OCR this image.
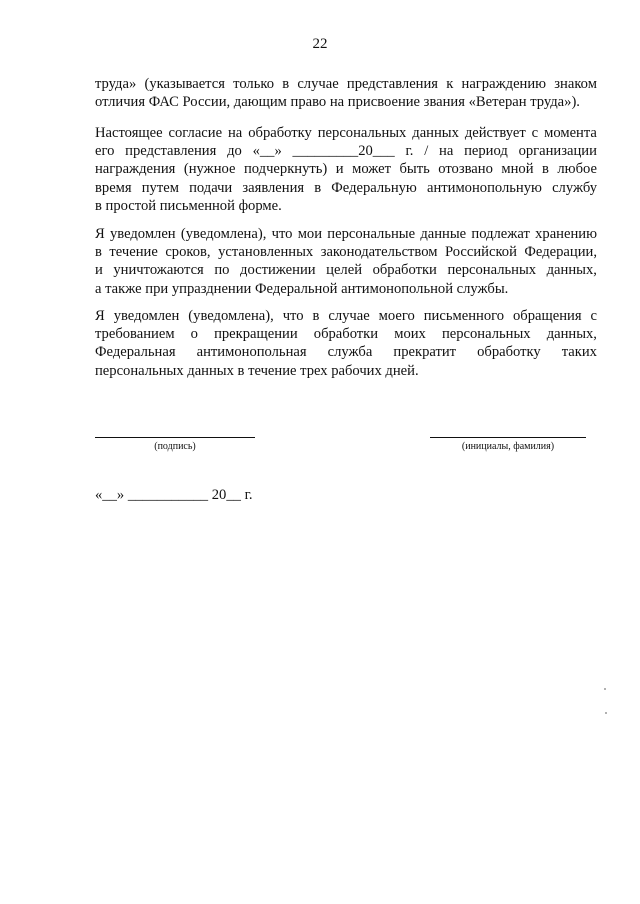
22
труда» (указывается только в случае представления к награждению знаком
отличия ФАС России, дающим право на присвоение звания «Ветеран труда»).
Настоящее согласие на обработку персональных данных действует с момента
его представления до «__» _________20___ г. / на период организации
награждения (нужное подчеркнуть) и может быть отозвано мной в любое
время путем подачи заявления в Федеральную антимонопольную службу
в простой письменной форме.
Я уведомлен (уведомлена), что мои персональные данные подлежат хранению
в течение сроков, установленных законодательством Российской Федерации,
и уничтожаются по достижении целей обработки персональных данных,
а также при упразднении Федеральной антимонопольной службы.
Я уведомлен (уведомлена), что в случае моего письменного обращения с
требованием о прекращении обработки моих персональных данных,
Федеральная антимонопольная служба прекратит обработку таких
персональных данных в течение трех рабочих дней.
(подпись)	(инициалы, фамилия)
«__» ___________ 20__ г.
